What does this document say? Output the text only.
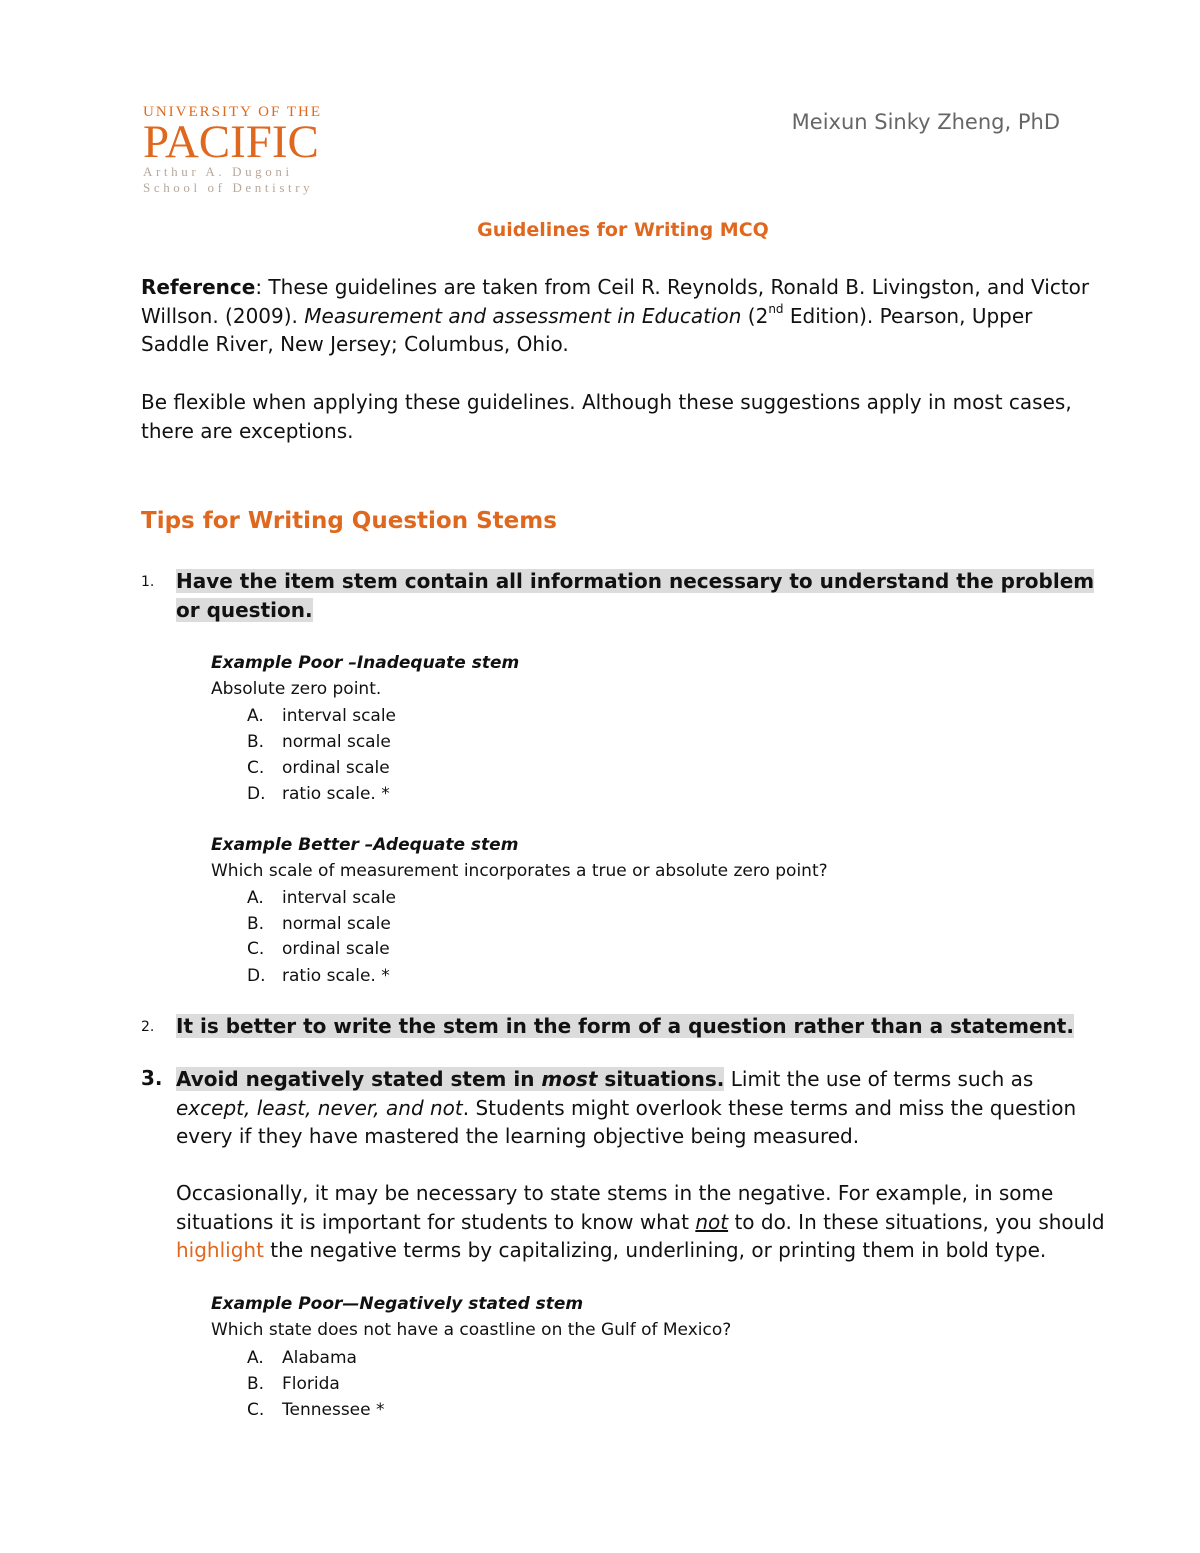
UNIVERSITY OF THE
PACIFIC
Arthur A. Dugoni
School of Dentistry
Meixun Sinky Zheng, PhD
Guidelines for Writing MCQ
Reference: These guidelines are taken from Ceil R. Reynolds, Ronald B. Livingston, and Victor Willson. (2009). Measurement and assessment in Education (2nd Edition). Pearson, Upper Saddle River, New Jersey; Columbus, Ohio.
Be flexible when applying these guidelines. Although these suggestions apply in most cases, there are exceptions.
Tips for Writing Question Stems
1. Have the item stem contain all information necessary to understand the problem or question.
Example Poor –Inadequate stem
Absolute zero point.
A. interval scale
B. normal scale
C. ordinal scale
D. ratio scale. *
Example Better –Adequate stem
Which scale of measurement incorporates a true or absolute zero point?
A. interval scale
B. normal scale
C. ordinal scale
D. ratio scale. *
2. It is better to write the stem in the form of a question rather than a statement.
3. Avoid negatively stated stem in most situations. Limit the use of terms such as except, least, never, and not. Students might overlook these terms and miss the question every if they have mastered the learning objective being measured.
Occasionally, it may be necessary to state stems in the negative. For example, in some situations it is important for students to know what not to do. In these situations, you should highlight the negative terms by capitalizing, underlining, or printing them in bold type.
Example Poor—Negatively stated stem
Which state does not have a coastline on the Gulf of Mexico?
A. Alabama
B. Florida
C. Tennessee *
